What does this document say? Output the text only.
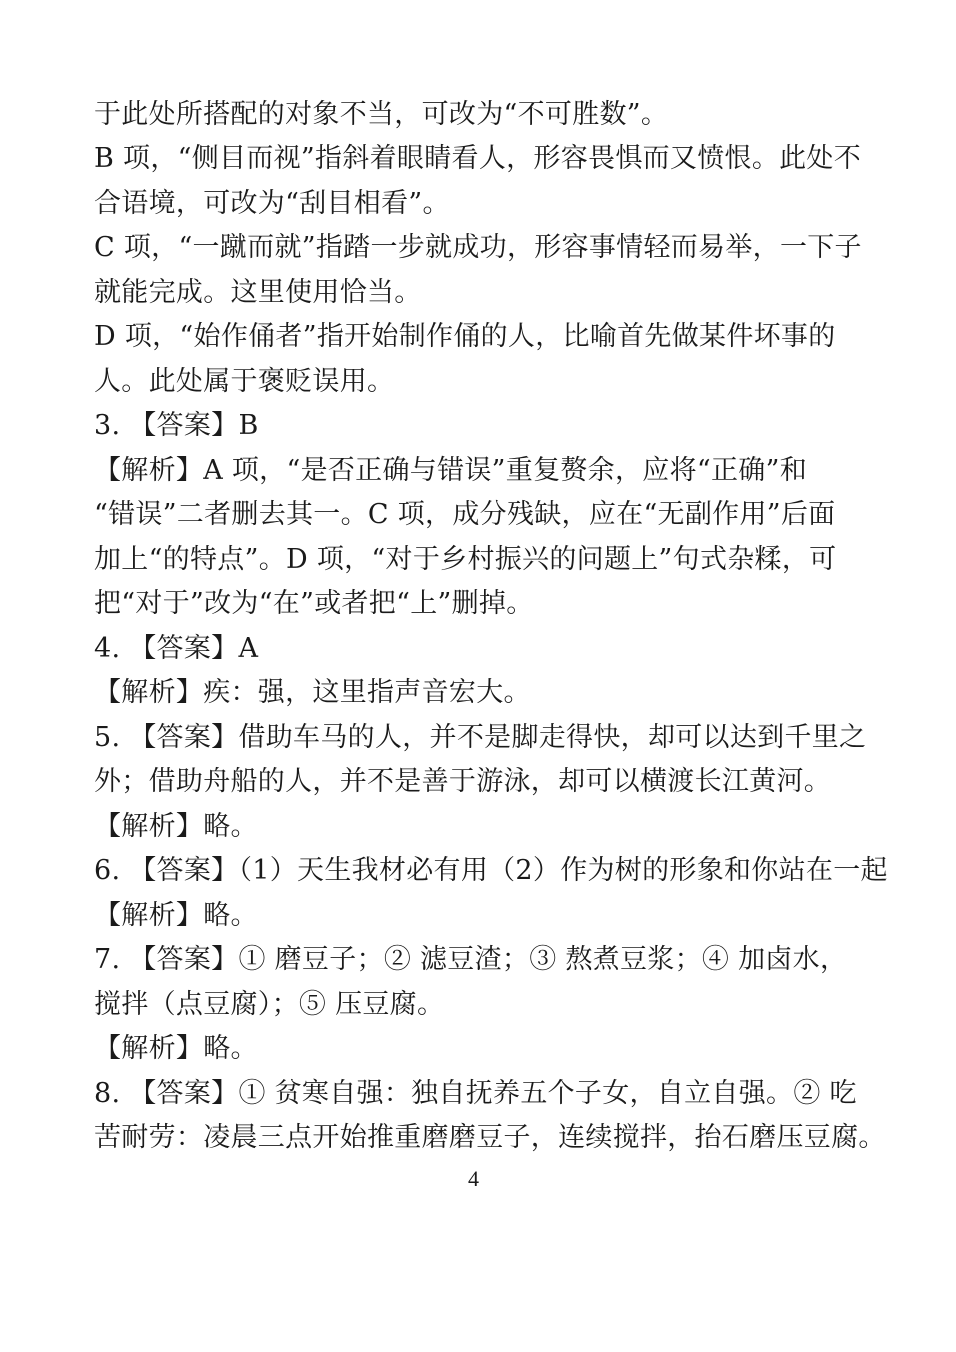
于此处所搭配的对象不当，可改为“不可胜数”。
B 项，“侧目而视”指斜着眼睛看人，形容畏惧而又愤恨。此处不
合语境，可改为“刮目相看”。
C 项，“一蹴而就”指踏一步就成功，形容事情轻而易举，一下子
就能完成。这里使用恰当。
D 项，“始作俑者”指开始制作俑的人，比喻首先做某件坏事的
人。此处属于褒贬误用。
3. 【答案】B
【解析】A 项，“是否正确与错误”重复赘余，应将“正确”和
“错误”二者删去其一。C 项，成分残缺，应在“无副作用”后面
加上“的特点”。D 项，“对于乡村振兴的问题上”句式杂糅，可
把“对于”改为“在”或者把“上”删掉。
4. 【答案】A
【解析】疾：强，这里指声音宏大。
5. 【答案】借助车马的人，并不是脚走得快，却可以达到千里之
外；借助舟船的人，并不是善于游泳，却可以横渡长江黄河。
【解析】略。
6. 【答案】（1）天生我材必有用（2）作为树的形象和你站在一起
【解析】略。
7. 【答案】① 磨豆子；② 滤豆渣；③ 熬煮豆浆；④ 加卤水，
搅拌（点豆腐）；⑤ 压豆腐。
【解析】略。
8. 【答案】① 贫寒自强：独自抚养五个子女，自立自强。② 吃
苦耐劳：凌晨三点开始推重磨磨豆子，连续搅拌，抬石磨压豆腐。
4
